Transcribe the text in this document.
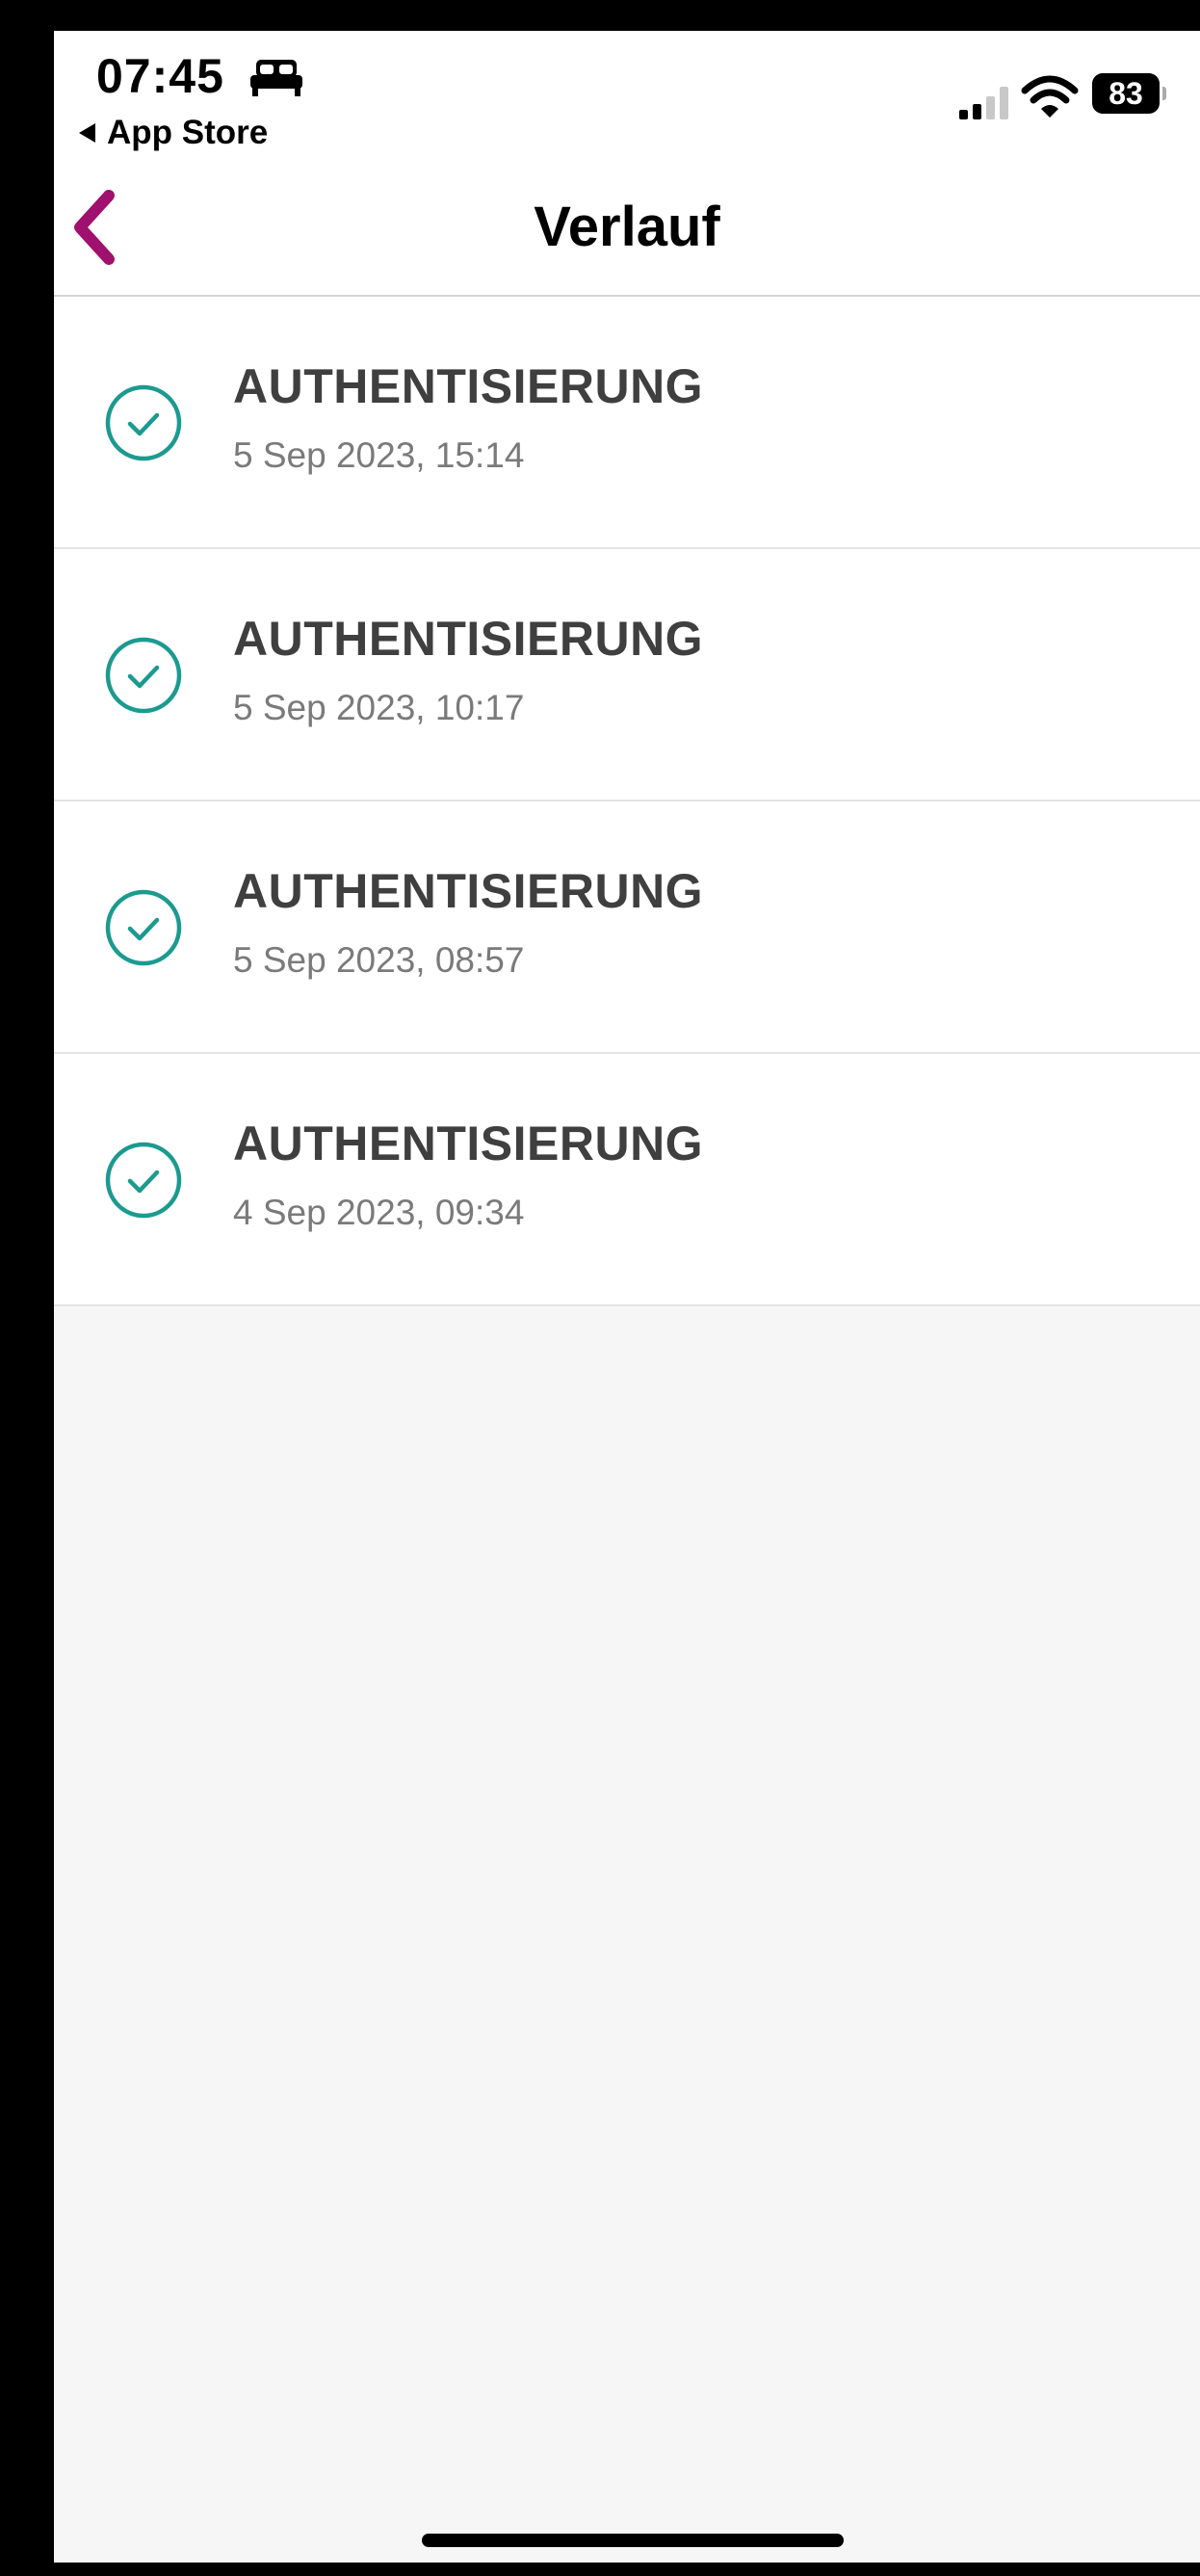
07:45
App Store
83
Verlauf
AUTHENTISIERUNG
5 Sep 2023, 15:14
AUTHENTISIERUNG
5 Sep 2023, 10:17
AUTHENTISIERUNG
5 Sep 2023, 08:57
AUTHENTISIERUNG
4 Sep 2023, 09:34
